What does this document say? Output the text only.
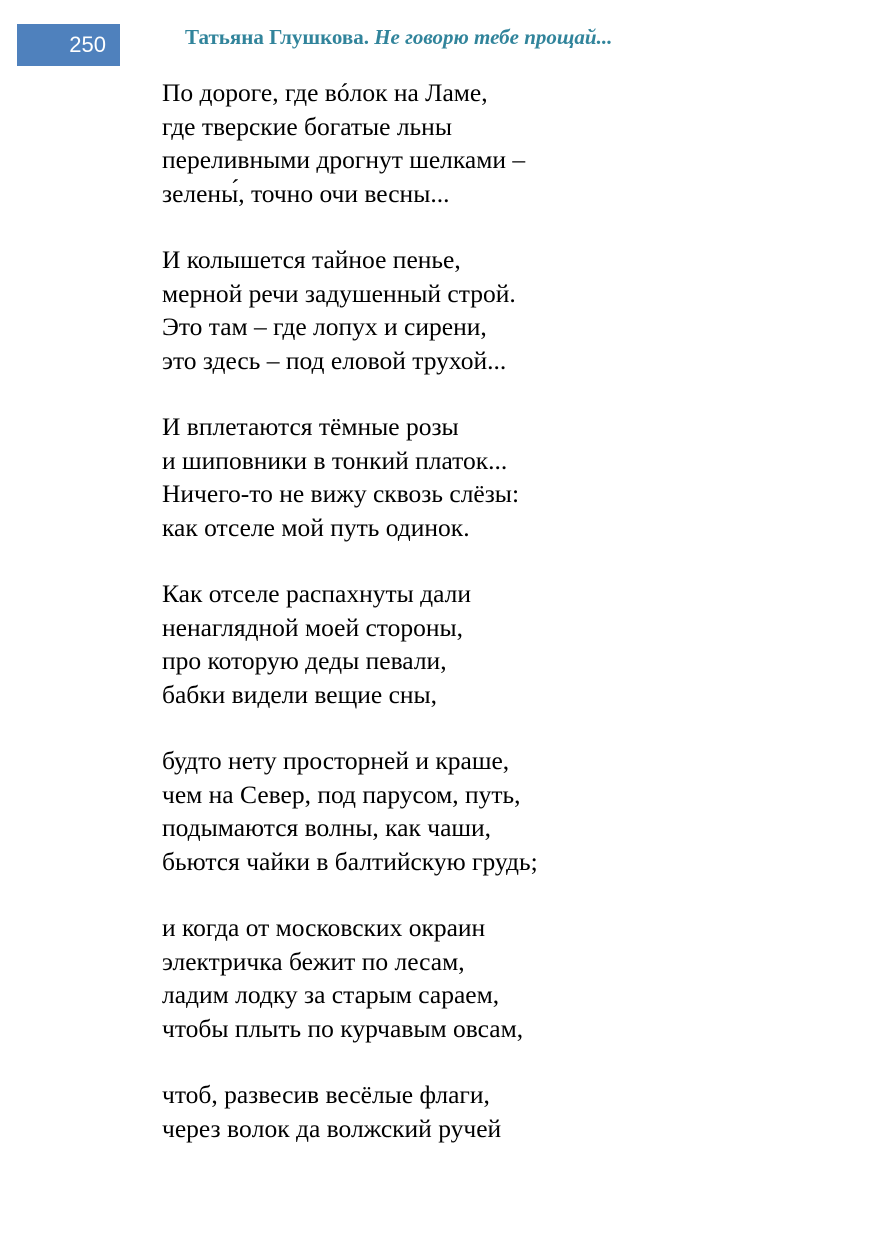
250	Татьяна Глушкова. Не говорю тебе прощай...
По дороге, где вóлок на Ламе,
где тверские богатые льны
переливными дрогнут шелками –
зелены́, точно очи весны...
И колышется тайное пенье,
мерной речи задушенный строй.
Это там – где лопух и сирени,
это здесь – под еловой трухой...
И вплетаются тёмные розы
и шиповники в тонкий платок...
Ничего-то не вижу сквозь слёзы:
как отселе мой путь одинок.
Как отселе распахнуты дали
ненаглядной моей стороны,
про которую деды певали,
бабки видели вещие сны,
будто нету просторней и краше,
чем на Север, под парусом, путь,
подымаются волны, как чаши,
бьются чайки в балтийскую грудь;
и когда от московских окраин
электричка бежит по лесам,
ладим лодку за старым сараем,
чтобы плыть по курчавым овсам,
чтоб, развесив весёлые флаги,
через вoлок да волжский ручей
